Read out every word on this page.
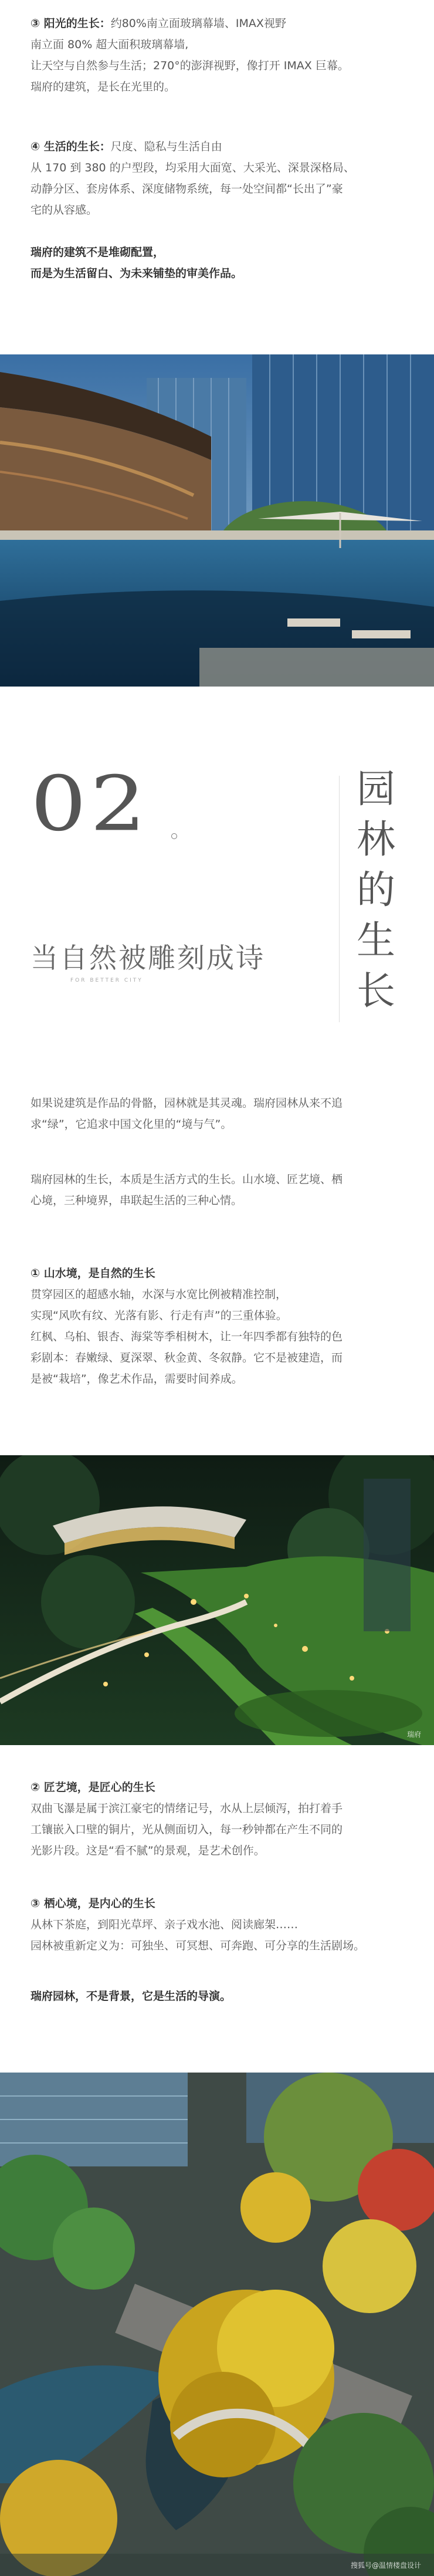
③ 阳光的生长：约80%南立面玻璃幕墙、IMAX视野

南立面 80% 超大面积玻璃幕墙,

让天空与自然参与生活；270°的澎湃视野，像打开 IMAX 巨幕。

瑞府的建筑，是长在光里的。

④ 生活的生长：尺度、隐私与生活自由

从 170 到 380 的户型段，均采用大面宽、大采光、深景深格局、

动静分区、套房体系、深度储物系统，每一处空间都“长出了”豪

宅的从容感。

瑞府的建筑不是堆砌配置，

而是为生活留白、为未来铺垫的审美作品。

02	园
林
的
生
长
当自然被雕刻成诗
FOR BETTER CITY

如果说建筑是作品的骨骼，园林就是其灵魂。瑞府园林从来不追

求“绿”，它追求中国文化里的“境与气”。

瑞府园林的生长，本质是生活方式的生长。山水境、匠艺境、栖

心境，三种境界，串联起生活的三种心情。

① 山水境，是自然的生长

贯穿园区的超感水轴，水深与水宽比例被精准控制，

实现“风吹有纹、光落有影、行走有声”的三重体验。

红枫、乌桕、银杏、海棠等季相树木，让一年四季都有独特的色

彩剧本：春嫩绿、夏深翠、秋金黄、冬叙静。它不是被建造，而

是被“栽培”，像艺术作品，需要时间养成。

瑞府

② 匠艺境，是匠心的生长

双曲飞瀑是属于滨江豪宅的情绪记号，水从上层倾泻，拍打着手

工镶嵌入口壁的铜片，光从侧面切入，每一秒钟都在产生不同的

光影片段。这是“看不腻”的景观，是艺术创作。

③ 栖心境，是内心的生长

从林下茶庭，到阳光草坪、亲子戏水池、阅读廊架……

园林被重新定义为：可独坐、可冥想、可奔跑、可分享的生活剧场。

瑞府园林，不是背景，它是生活的导演。

搜狐号@温情楼盘设计
